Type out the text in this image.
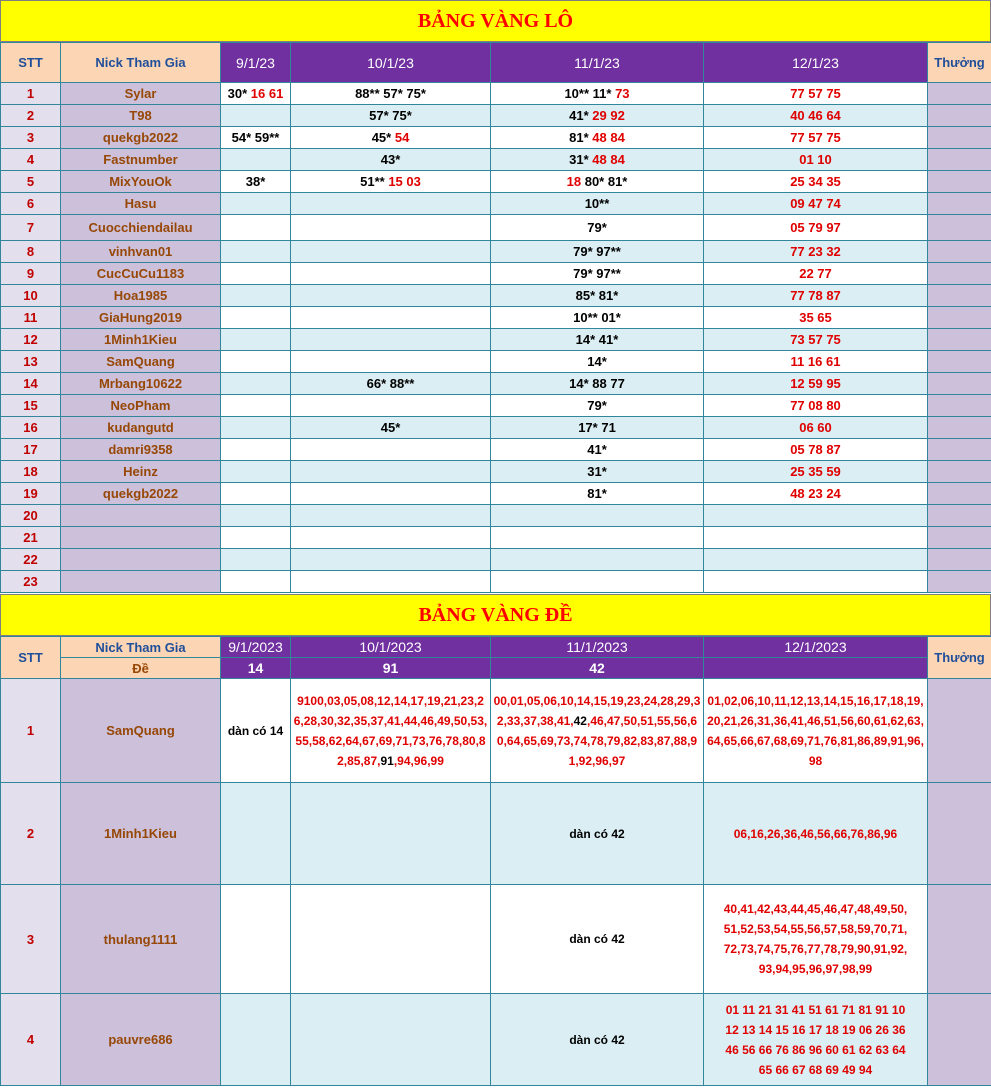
BẢNG VÀNG LÔ
STT	Nick Tham Gia	9/1/23	10/1/23	11/1/23	12/1/23	Thưởng
1	Sylar	30* 16 61	88** 57* 75*	10** 11* 73	77 57 75	
2	T98		57* 75*	41* 29 92	40 46 64	
3	quekgb2022	54* 59**	45* 54	81* 48 84	77 57 75	
4	Fastnumber		43*	31* 48 84	01 10	
5	MixYouOk	38*	51** 15 03	18 80* 81*	25 34 35	
6	Hasu			10**	09 47 74	
7	Cuocchiendailau			79*	05 79 97	
8	vinhvan01			79* 97**	77 23 32	
9	CucCuCu1183			79* 97**	22 77	
10	Hoa1985			85* 81*	77 78 87	
11	GiaHung2019			10** 01*	35 65	
12	1Minh1Kieu			14* 41*	73 57 75	
13	SamQuang			14*	11 16 61	
14	Mrbang10622		66* 88**	14* 88 77	12 59 95	
15	NeoPham			79*	77 08 80	
16	kudangutd		45*	17* 71	06 60	
17	damri9358			41*	05 78 87	
18	Heinz			31*	25 35 59	
19	quekgb2022			81*	48 23 24	
20						
21						
22						
23						
BẢNG VÀNG ĐỀ
STT	Nick Tham Gia	9/1/2023	10/1/2023	11/1/2023	12/1/2023	Thưởng
	Đề	14	91	42		
1	SamQuang	dàn có 14	9100,03,05,08,12,14,17,19,21,23,26,28,30,32,35,37,41,44,46,49,50,53,55,58,62,64,67,69,71,73,76,78,80,82,85,87,91,94,96,99	00,01,05,06,10,14,15,19,23,24,28,29,32,33,37,38,41,42,46,47,50,51,55,56,60,64,65,69,73,74,78,79,82,83,87,88,91,92,96,97	01,02,06,10,11,12,13,14,15,16,17,18,19,20,21,26,31,36,41,46,51,56,60,61,62,63,64,65,66,67,68,69,71,76,81,86,89,91,96,98	
2	1Minh1Kieu			dàn có 42	06,16,26,36,46,56,66,76,86,96	
3	thulang1111			dàn có 42	40,41,42,43,44,45,46,47,48,49,50,51,52,53,54,55,56,57,58,59,70,71,72,73,74,75,76,77,78,79,90,91,92,93,94,95,96,97,98,99	
4	pauvre686			dàn có 42	01 11 21 31 41 51 61 71 81 91 10 12 13 14 15 16 17 18 19 06 26 36 46 56 66 76 86 96 60 61 62 63 64 65 66 67 68 69 49 94	
